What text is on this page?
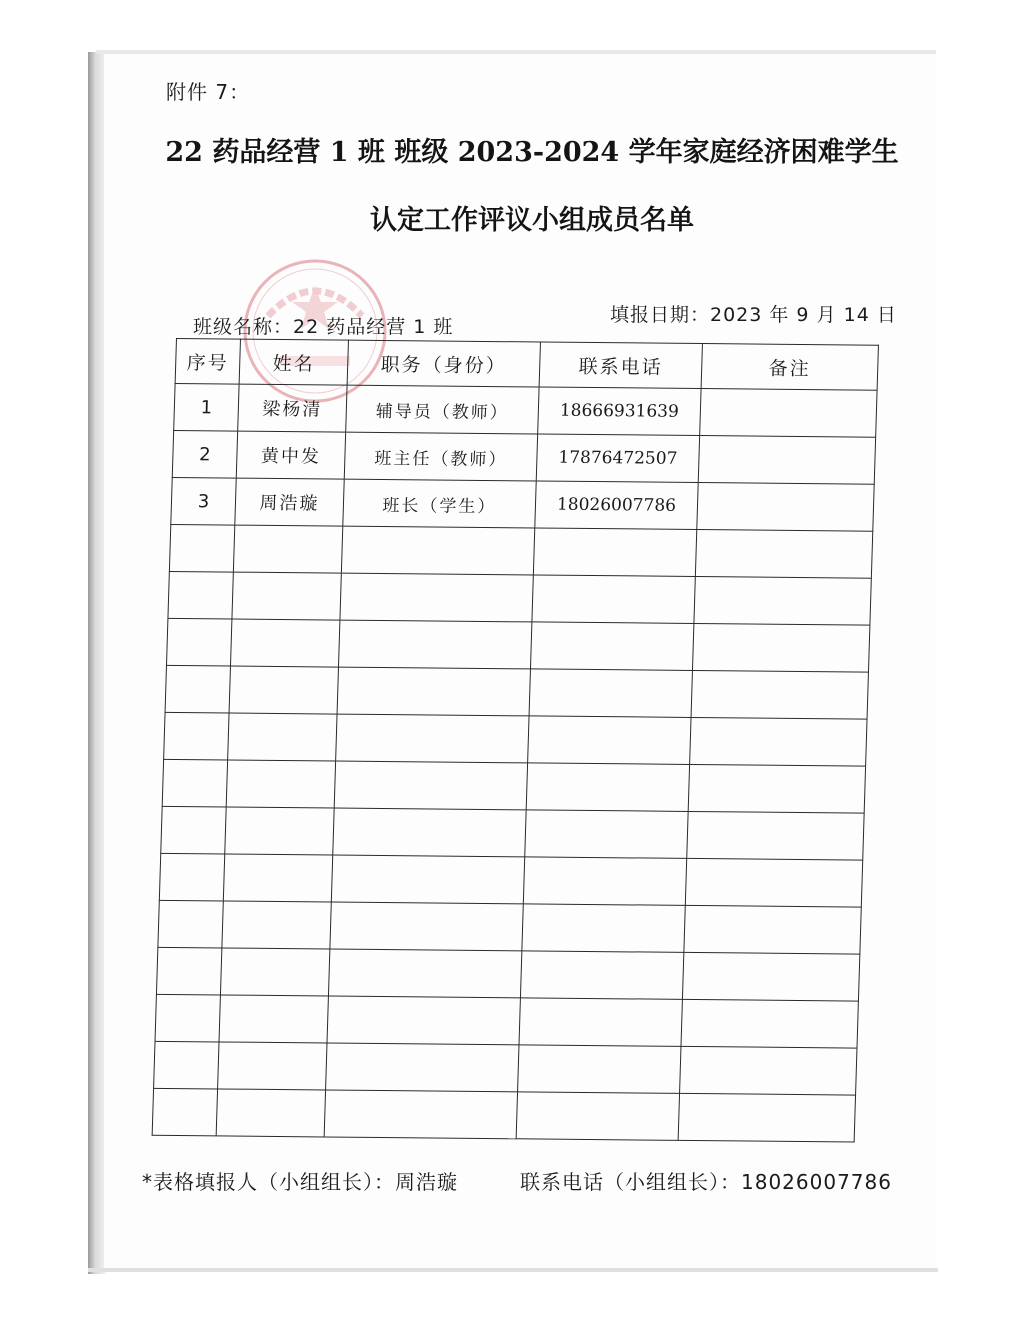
附件 7：
22 药品经营 1 班 班级 2023-2024 学年家庭经济困难学生
认定工作评议小组成员名单
班级名称：22 药品经营 1 班
填报日期：2023 年 9 月 14 日
序号	姓名	职务（身份）	联系电话	备注
1	梁杨清	辅导员（教师）	18666931639	
2	黄中发	班主任（教师）	17876472507	
3	周浩璇	班长（学生）	18026007786	

*表格填报人（小组组长）：周浩璇	联系电话（小组组长）：18026007786
